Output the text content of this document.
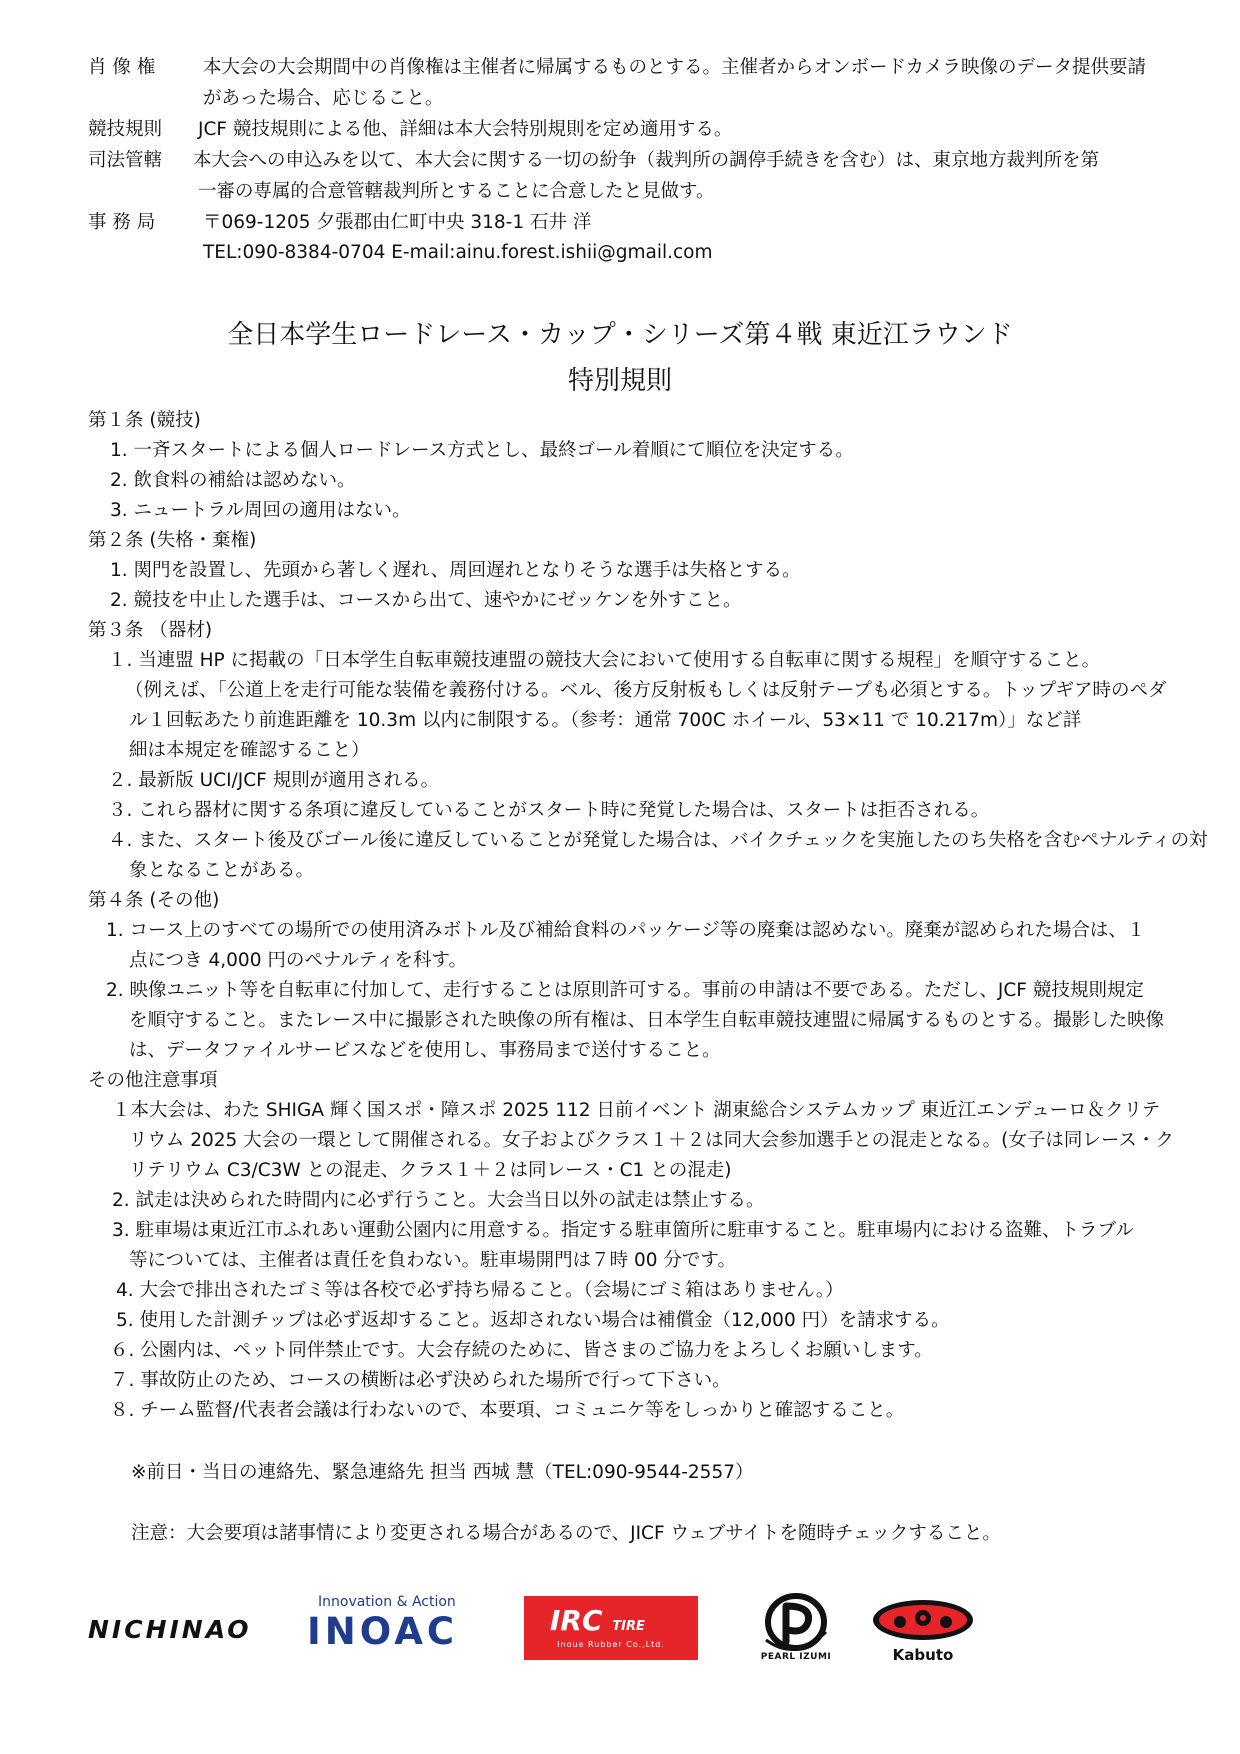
肖 像 権	本大会の大会期間中の肖像権は主催者に帰属するものとする。主催者からオンボードカメラ映像のデータ提供要請
があった場合、応じること。
競技規則 JCF 競技規則による他、詳細は本大会特別規則を定め適用する。
司法管轄 本大会への申込みを以て、本大会に関する一切の紛争（裁判所の調停手続きを含む）は、東京地方裁判所を第
一審の専属的合意管轄裁判所とすることに合意したと見做す。
事 務 局	〒069-1205 夕張郡由仁町中央 318-1 石井 洋
TEL:090-8384-0704 E-mail:ainu.forest.ishii@gmail.com
全日本学生ロードレース・カップ・シリーズ第４戦 東近江ラウンド
特別規則
第１条 (競技)
1. 一斉スタートによる個人ロードレース方式とし、最終ゴール着順にて順位を決定する。
2. 飲食料の補給は認めない。
3. ニュートラル周回の適用はない。
第２条 (失格・棄権)
1. 関門を設置し、先頭から著しく遅れ、周回遅れとなりそうな選手は失格とする。
2. 競技を中止した選手は、コースから出て、速やかにゼッケンを外すこと。
第３条 （器材)
１. 当連盟 HP に掲載の「日本学生自転車競技連盟の競技大会において使用する自転車に関する規程」を順守すること。
（例えば、「公道上を走行可能な装備を義務付ける。ベル、後方反射板もしくは反射テープも必須とする。トップギア時のペダ
ル１回転あたり前進距離を 10.3m 以内に制限する。（参考：通常 700C ホイール、53×11 で 10.217m）」など詳
細は本規定を確認すること）
２. 最新版 UCI/JCF 規則が適用される。
３. これら器材に関する条項に違反していることがスタート時に発覚した場合は、スタートは拒否される。
４. また、スタート後及びゴール後に違反していることが発覚した場合は、バイクチェックを実施したのち失格を含むペナルティの対
象となることがある。
第４条 (その他)
1. コース上のすべての場所での使用済みボトル及び補給食料のパッケージ等の廃棄は認めない。廃棄が認められた場合は、１
点につき 4,000 円のペナルティを科す。
2. 映像ユニット等を自転車に付加して、走行することは原則許可する。事前の申請は不要である。ただし、JCF 競技規則規定
を順守すること。またレース中に撮影された映像の所有権は、日本学生自転車競技連盟に帰属するものとする。撮影した映像
は、データファイルサービスなどを使用し、事務局まで送付すること。
その他注意事項
１本大会は、わた SHIGA 輝く国スポ・障スポ 2025 112 日前イベント 湖東総合システムカップ 東近江エンデューロ＆クリテ
リウム 2025 大会の一環として開催される。女子およびクラス１＋２は同大会参加選手との混走となる。(女子は同レース・ク
リテリウム C3/C3W との混走、クラス１＋２は同レース・C1 との混走)
2. 試走は決められた時間内に必ず行うこと。大会当日以外の試走は禁止する。
3. 駐車場は東近江市ふれあい運動公園内に用意する。指定する駐車箇所に駐車すること。駐車場内における盗難、トラブル
等については、主催者は責任を負わない。駐車場開門は７時 00 分です。
4. 大会で排出されたゴミ等は各校で必ず持ち帰ること。（会場にゴミ箱はありません。）
5. 使用した計測チップは必ず返却すること。返却されない場合は補償金（12,000 円）を請求する。
６. 公園内は、ペット同伴禁止です。大会存続のために、皆さまのご協力をよろしくお願いします。
７. 事故防止のため、コースの横断は必ず決められた場所で行って下さい。
８. チーム監督/代表者会議は行わないので、本要項、コミュニケ等をしっかりと確認すること。
※前日・当日の連絡先、緊急連絡先 担当 西城 慧（TEL:090-9544-2557）
注意：大会要項は諸事情により変更される場合があるので、JICF ウェブサイトを随時チェックすること。
NICHINAO
Innovation & Action
INOAC	IRC TIRE
Inoue Rubber Co.,Ltd.
PEARL IZUMI	Kabuto
